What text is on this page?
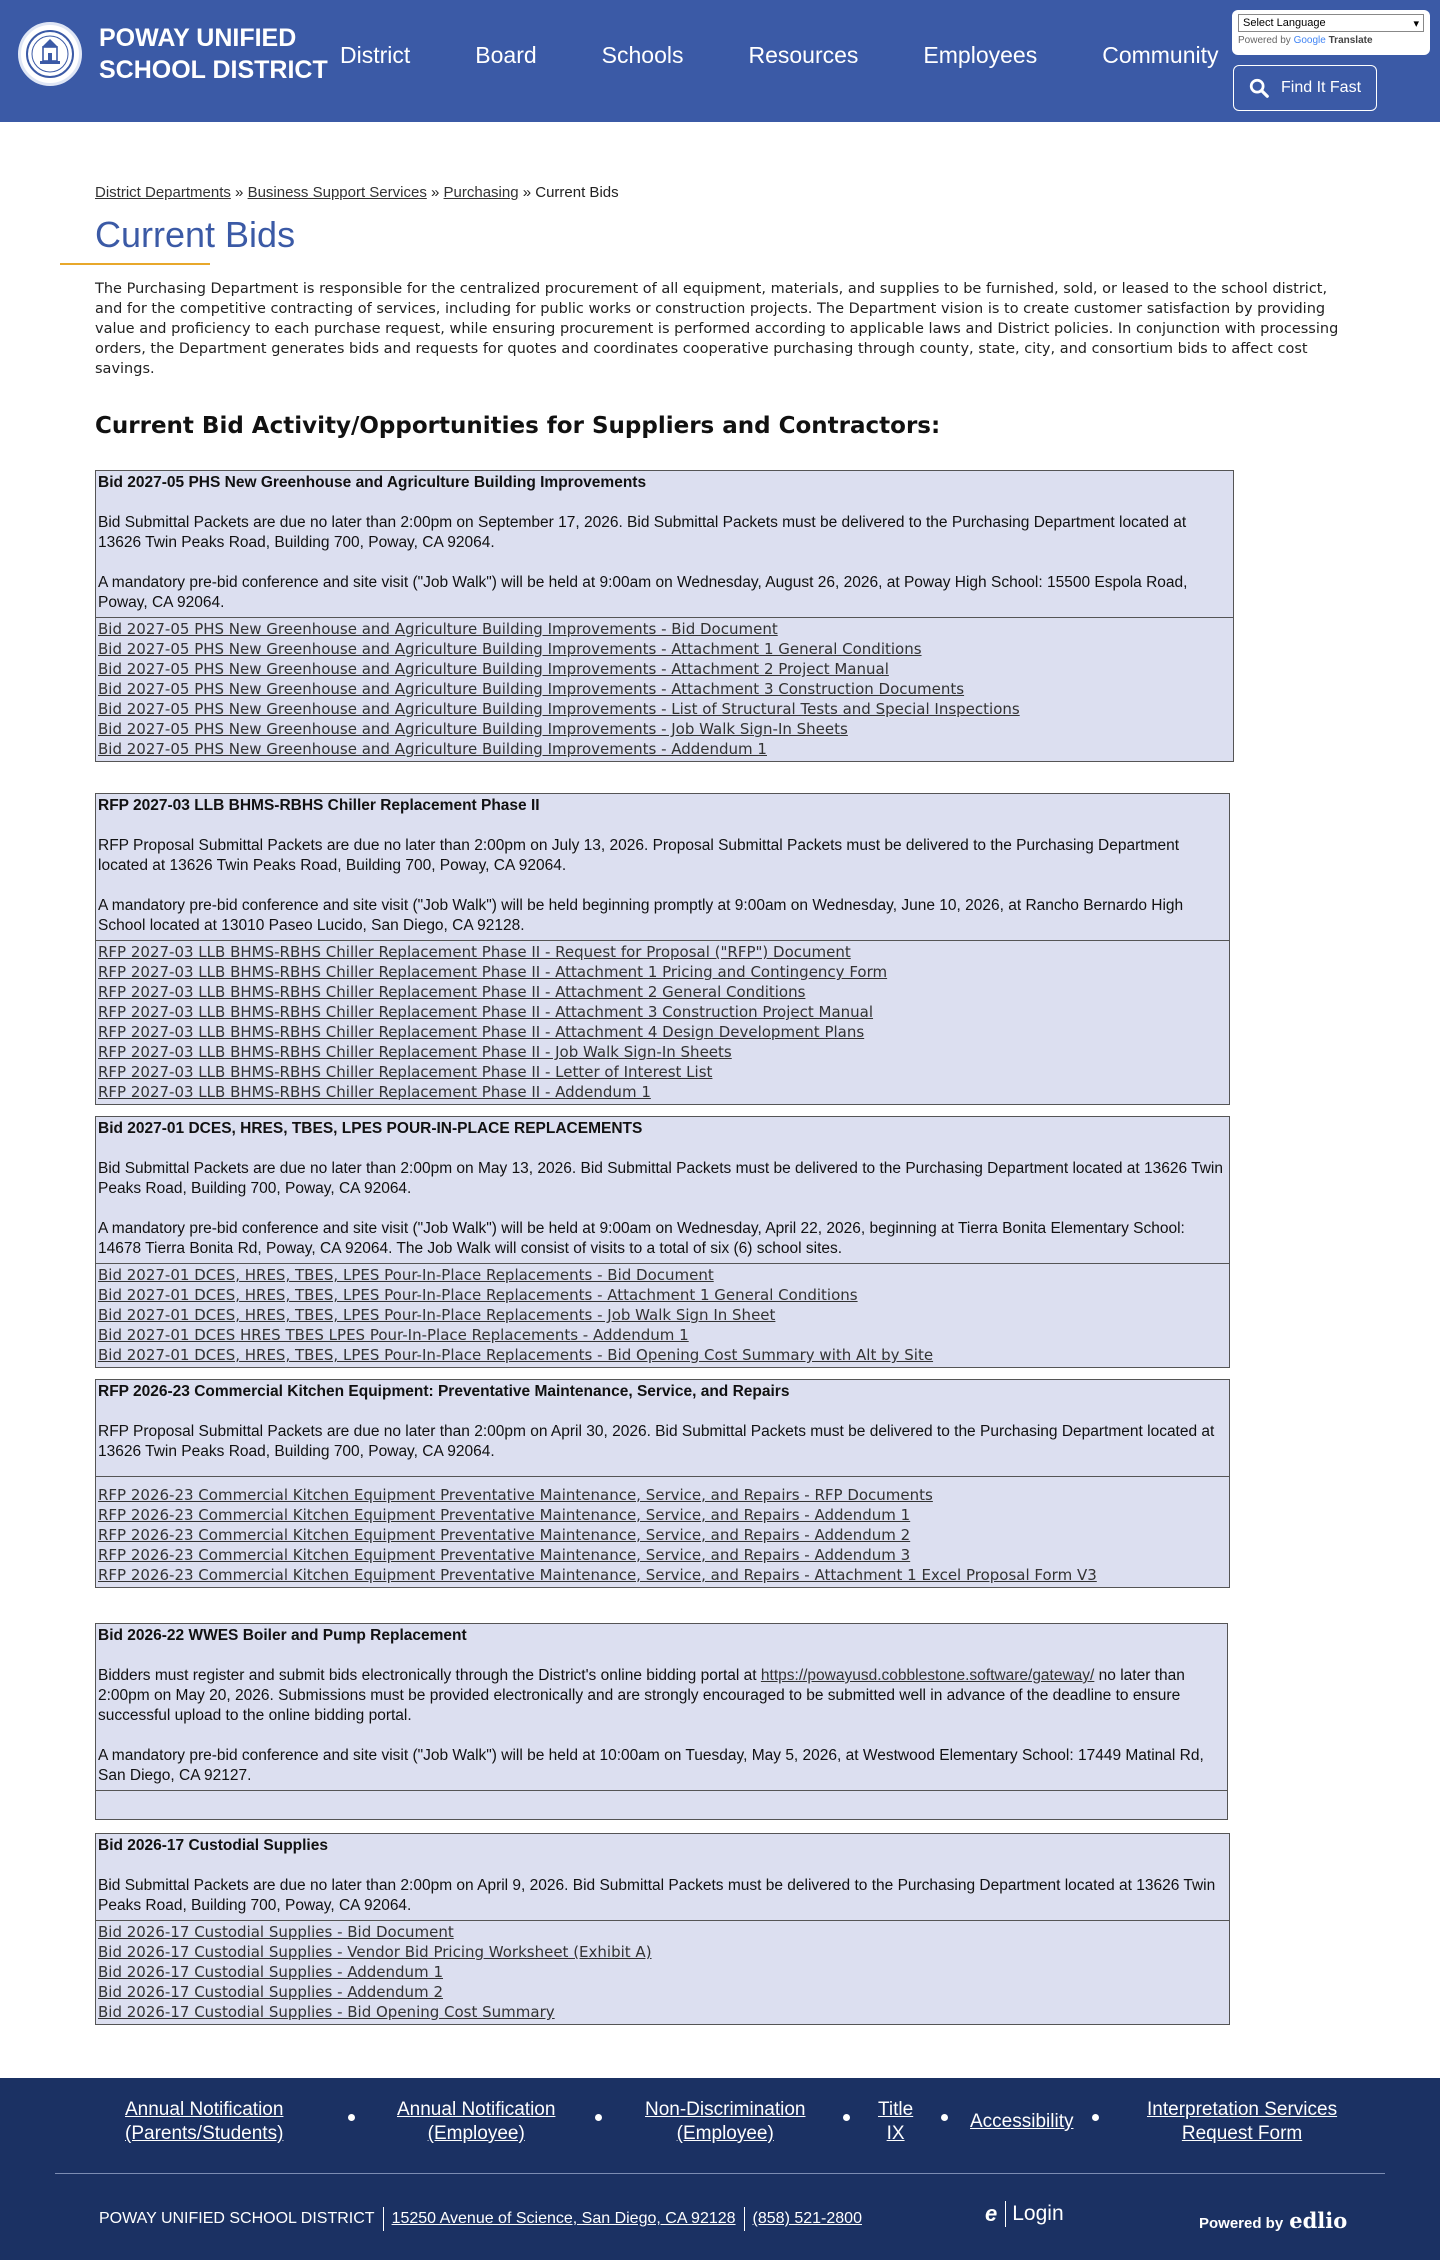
POWAY UNIFIED
SCHOOL DISTRICT
District	Board	Schools	Resources	Employees	Community
Select Language	▾
Powered by Google Translate
Find It Fast
District Departments » Business Support Services » Purchasing » Current Bids
Current Bids

The Purchasing Department is responsible for the centralized procurement of all equipment, materials, and supplies to be furnished, sold, or leased to the school district, and for the competitive contracting of services, including for public works or construction projects. The Department vision is to create customer satisfaction by providing value and proficiency to each purchase request, while ensuring procurement is performed according to applicable laws and District policies. In conjunction with processing orders, the Department generates bids and requests for quotes and coordinates cooperative purchasing through county, state, city, and consortium bids to affect cost savings.

Current Bid Activity/Opportunities for Suppliers and Contractors:
Bid 2027-05 PHS New Greenhouse and Agriculture Building Improvements
Bid Submittal Packets are due no later than 2:00pm on September 17, 2026. Bid Submittal Packets must be delivered to the Purchasing Department located at 13626 Twin Peaks Road, Building 700, Poway, CA 92064.
A mandatory pre-bid conference and site visit ("Job Walk") will be held at 9:00am on Wednesday, August 26, 2026, at Poway High School: 15500 Espola Road, Poway, CA 92064.
Bid 2027-05 PHS New Greenhouse and Agriculture Building Improvements - Bid Document
Bid 2027-05 PHS New Greenhouse and Agriculture Building Improvements - Attachment 1 General Conditions
Bid 2027-05 PHS New Greenhouse and Agriculture Building Improvements - Attachment 2 Project Manual
Bid 2027-05 PHS New Greenhouse and Agriculture Building Improvements - Attachment 3 Construction Documents
Bid 2027-05 PHS New Greenhouse and Agriculture Building Improvements - List of Structural Tests and Special Inspections
Bid 2027-05 PHS New Greenhouse and Agriculture Building Improvements - Job Walk Sign-In Sheets
Bid 2027-05 PHS New Greenhouse and Agriculture Building Improvements - Addendum 1
RFP 2027-03 LLB BHMS-RBHS Chiller Replacement Phase II
RFP Proposal Submittal Packets are due no later than 2:00pm on July 13, 2026. Proposal Submittal Packets must be delivered to the Purchasing Department located at 13626 Twin Peaks Road, Building 700, Poway, CA 92064.
A mandatory pre-bid conference and site visit ("Job Walk") will be held beginning promptly at 9:00am on Wednesday, June 10, 2026, at Rancho Bernardo High School located at 13010 Paseo Lucido, San Diego, CA 92128.
RFP 2027-03 LLB BHMS-RBHS Chiller Replacement Phase II - Request for Proposal ("RFP") Document
RFP 2027-03 LLB BHMS-RBHS Chiller Replacement Phase II - Attachment 1 Pricing and Contingency Form
RFP 2027-03 LLB BHMS-RBHS Chiller Replacement Phase II - Attachment 2 General Conditions
RFP 2027-03 LLB BHMS-RBHS Chiller Replacement Phase II - Attachment 3 Construction Project Manual
RFP 2027-03 LLB BHMS-RBHS Chiller Replacement Phase II - Attachment 4 Design Development Plans
RFP 2027-03 LLB BHMS-RBHS Chiller Replacement Phase II - Job Walk Sign-In Sheets
RFP 2027-03 LLB BHMS-RBHS Chiller Replacement Phase II - Letter of Interest List
RFP 2027-03 LLB BHMS-RBHS Chiller Replacement Phase II - Addendum 1
Bid 2027-01 DCES, HRES, TBES, LPES POUR-IN-PLACE REPLACEMENTS
Bid Submittal Packets are due no later than 2:00pm on May 13, 2026. Bid Submittal Packets must be delivered to the Purchasing Department located at 13626 Twin Peaks Road, Building 700, Poway, CA 92064.
A mandatory pre-bid conference and site visit ("Job Walk") will be held at 9:00am on Wednesday, April 22, 2026, beginning at Tierra Bonita Elementary School: 14678 Tierra Bonita Rd, Poway, CA 92064. The Job Walk will consist of visits to a total of six (6) school sites.
Bid 2027-01 DCES, HRES, TBES, LPES Pour-In-Place Replacements - Bid Document
Bid 2027-01 DCES, HRES, TBES, LPES Pour-In-Place Replacements - Attachment 1 General Conditions
Bid 2027-01 DCES, HRES, TBES, LPES Pour-In-Place Replacements - Job Walk Sign In Sheet
Bid 2027-01 DCES HRES TBES LPES Pour-In-Place Replacements - Addendum 1
Bid 2027-01 DCES, HRES, TBES, LPES Pour-In-Place Replacements - Bid Opening Cost Summary with Alt by Site
RFP 2026-23 Commercial Kitchen Equipment: Preventative Maintenance, Service, and Repairs
RFP Proposal Submittal Packets are due no later than 2:00pm on April 30, 2026. Bid Submittal Packets must be delivered to the Purchasing Department located at 13626 Twin Peaks Road, Building 700, Poway, CA 92064.
RFP 2026-23 Commercial Kitchen Equipment Preventative Maintenance, Service, and Repairs - RFP Documents
RFP 2026-23 Commercial Kitchen Equipment Preventative Maintenance, Service, and Repairs - Addendum 1
RFP 2026-23 Commercial Kitchen Equipment Preventative Maintenance, Service, and Repairs - Addendum 2
RFP 2026-23 Commercial Kitchen Equipment Preventative Maintenance, Service, and Repairs - Addendum 3
RFP 2026-23 Commercial Kitchen Equipment Preventative Maintenance, Service, and Repairs - Attachment 1 Excel Proposal Form V3
Bid 2026-22 WWES Boiler and Pump Replacement
Bidders must register and submit bids electronically through the District's online bidding portal at https://powayusd.cobblestone.software/gateway/ no later than 2:00pm on May 20, 2026. Submissions must be provided electronically and are strongly encouraged to be submitted well in advance of the deadline to ensure successful upload to the online bidding portal.
A mandatory pre-bid conference and site visit ("Job Walk") will be held at 10:00am on Tuesday, May 5, 2026, at Westwood Elementary School: 17449 Matinal Rd, San Diego, CA 92127.
Bid 2026-17 Custodial Supplies
Bid Submittal Packets are due no later than 2:00pm on April 9, 2026. Bid Submittal Packets must be delivered to the Purchasing Department located at 13626 Twin Peaks Road, Building 700, Poway, CA 92064.
Bid 2026-17 Custodial Supplies - Bid Document
Bid 2026-17 Custodial Supplies - Vendor Bid Pricing Worksheet (Exhibit A)
Bid 2026-17 Custodial Supplies - Addendum 1
Bid 2026-17 Custodial Supplies - Addendum 2
Bid 2026-17 Custodial Supplies - Bid Opening Cost Summary
Annual Notification
(Parents/Students)
Annual Notification
(Employee)
Non-Discrimination
(Employee)
Title
IX
Accessibility
Interpretation Services
Request Form
POWAY UNIFIED SCHOOL DISTRICT 15250 Avenue of Science, San Diego, CA 92128 (858) 521-2800	e Login	Powered by edlio
